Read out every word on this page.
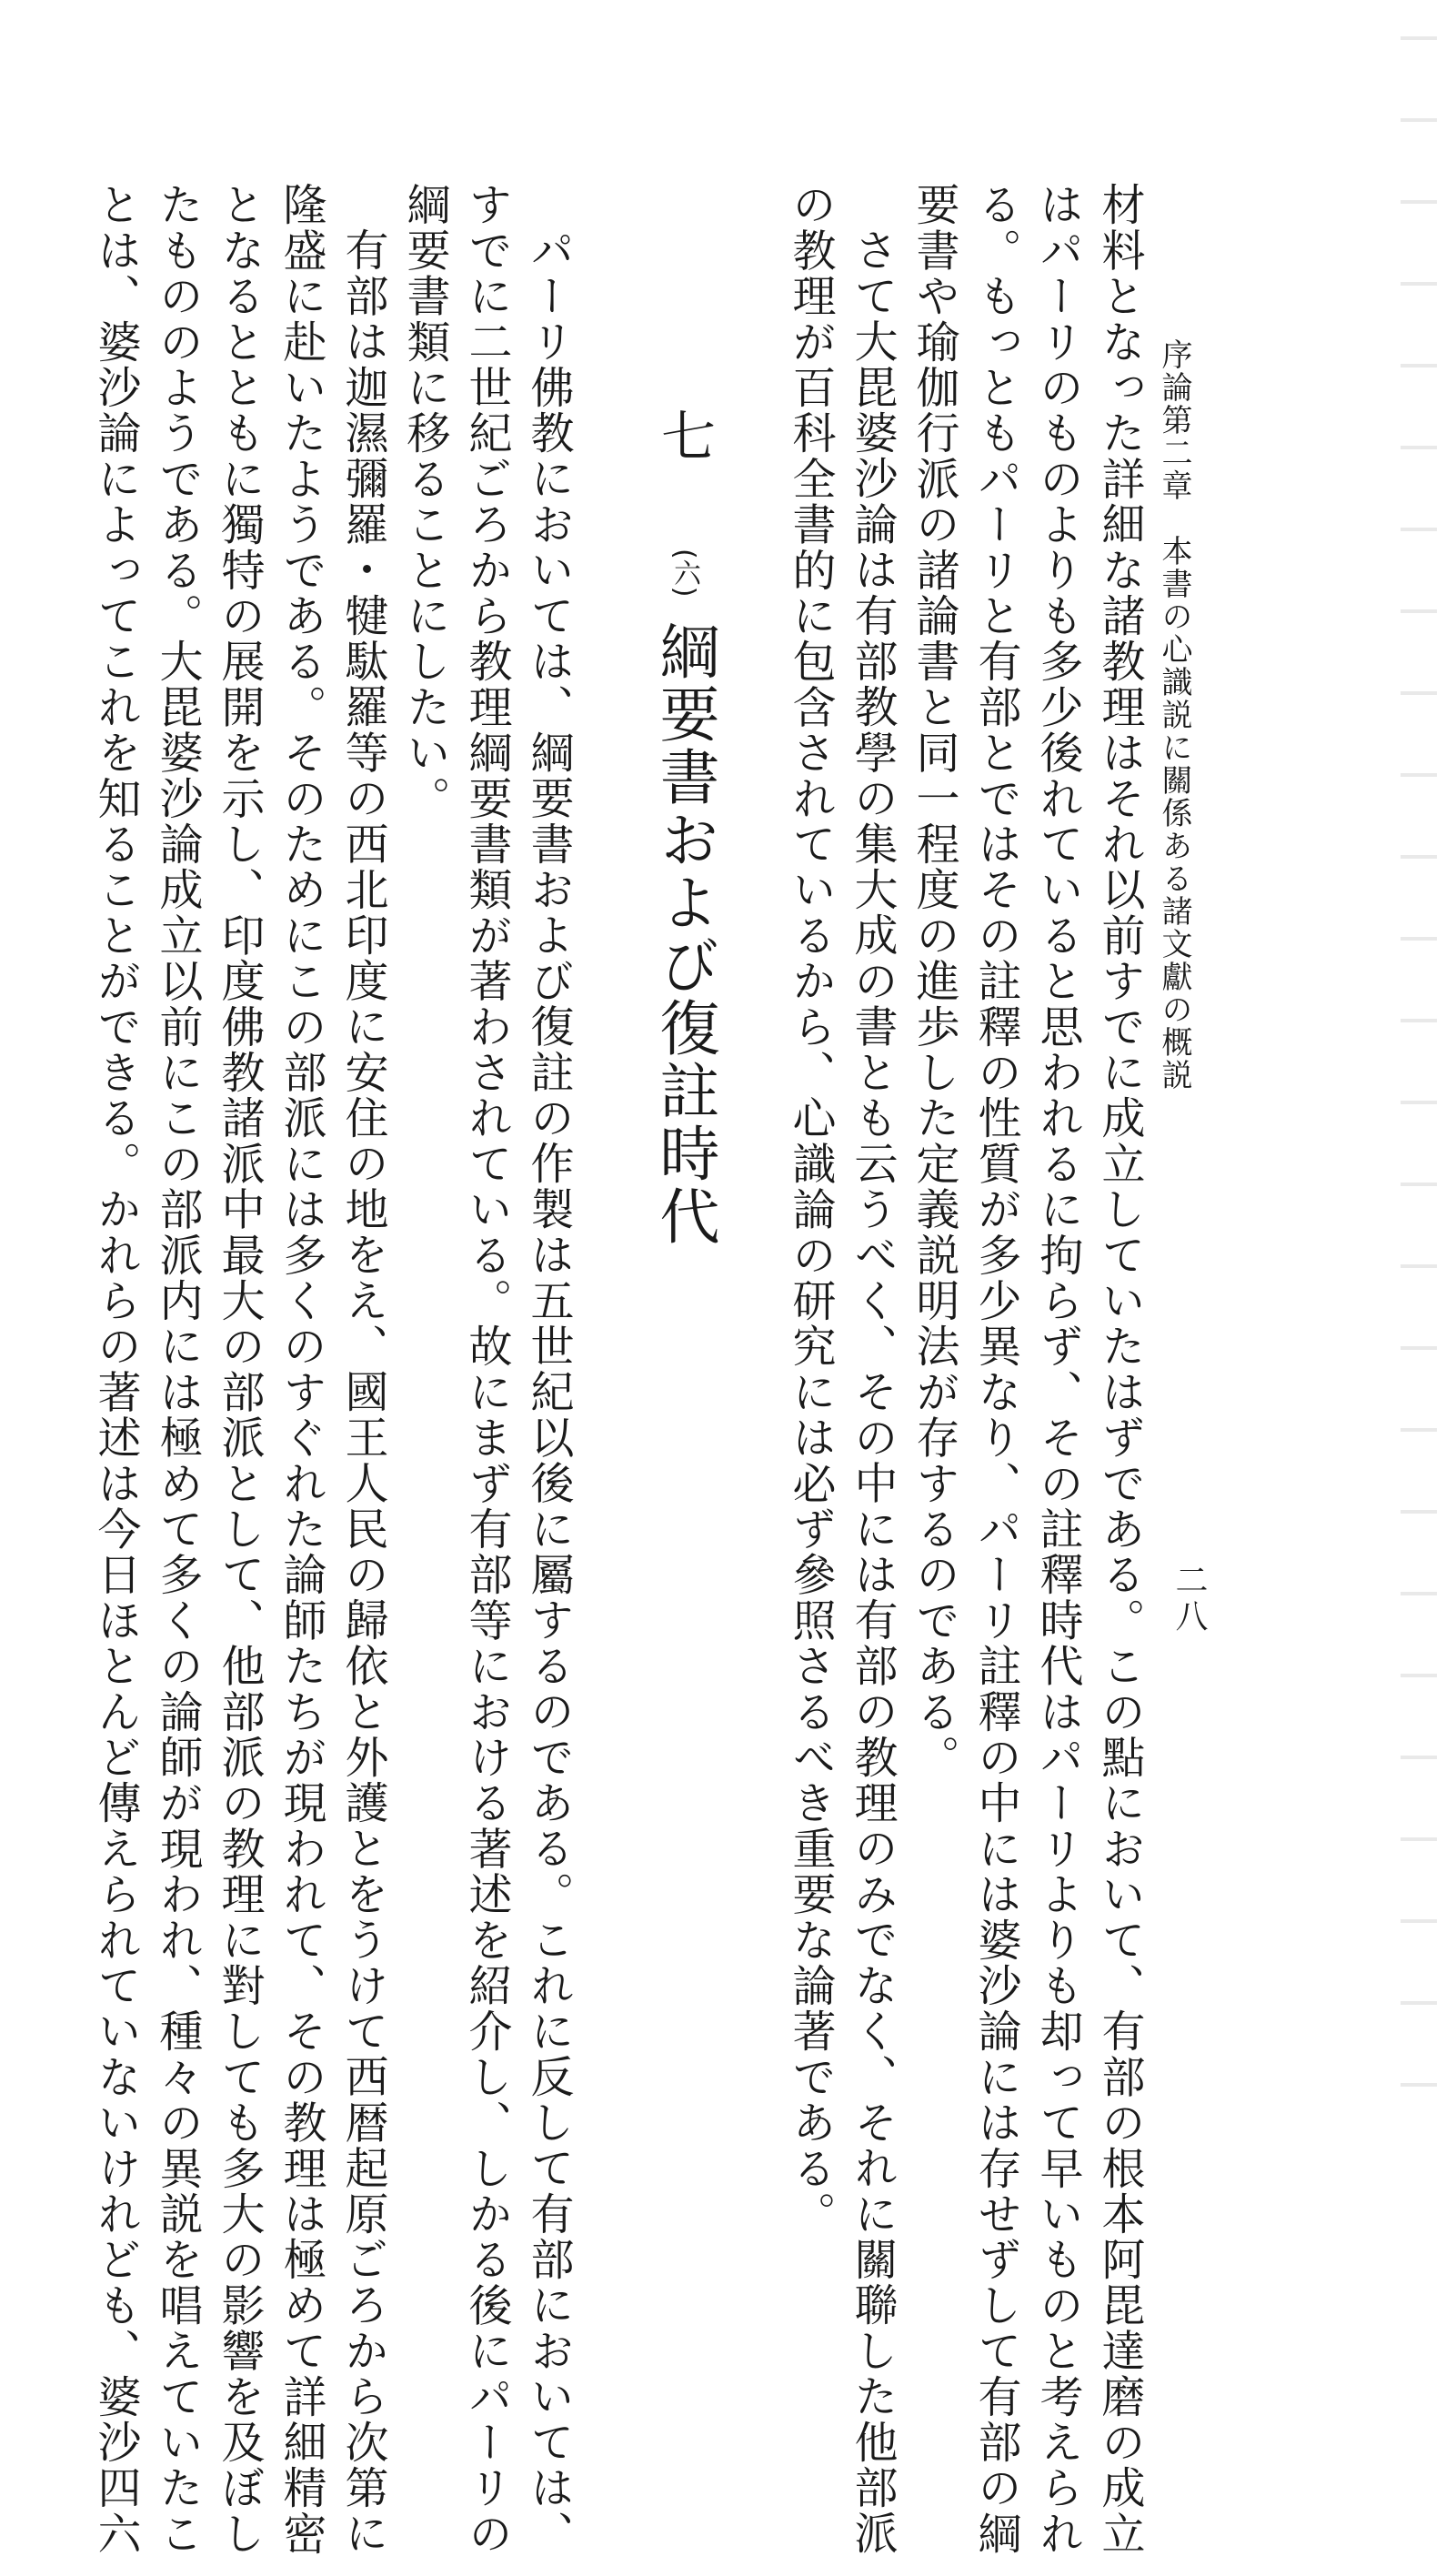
序論第二章　本書の心識説に關係ある諸文獻の概説
二八
材料となった詳細な諸教理はそれ以前すでに成立していたはずである。この點において、有部の根本阿毘達磨の成立
はパーリのものよりも多少後れていると思われるに拘らず、その註釋時代はパーリよりも却って早いものと考えられ
る。もっともパーリと有部とではその註釋の性質が多少異なり、パーリ註釋の中には婆沙論には存せずして有部の綱
要書や瑜伽行派の諸論書と同一程度の進歩した定義説明法が存するのである。
さて大毘婆沙論は有部教學の集大成の書とも云うべく、その中には有部の教理のみでなく、それに關聯した他部派
の教理が百科全書的に包含されているから、心識論の研究には必ず參照さるべき重要な論著である。
七 (六) 綱要書および復註時代
パーリ佛教においては、綱要書および復註の作製は五世紀以後に屬するのである。これに反して有部においては、
すでに二世紀ごろから教理綱要書類が著わされている。故にまず有部等における著述を紹介し、しかる後にパーリの
綱要書類に移ることにしたい。
有部は迦濕彌羅・犍駄羅等の西北印度に安住の地をえ、國王人民の歸依と外護とをうけて西暦起原ごろから次第に
隆盛に赴いたようである。そのためにこの部派には多くのすぐれた論師たちが現われて、その教理は極めて詳細精密
となるとともに獨特の展開を示し、印度佛教諸派中最大の部派として、他部派の教理に對しても多大の影響を及ぼし
たもののようである。大毘婆沙論成立以前にこの部派内には極めて多くの論師が現われ、種々の異説を唱えていたこ
とは、婆沙論によってこれを知ることができる。かれらの著述は今日ほとんど傳えられていないけれども、婆沙四六
